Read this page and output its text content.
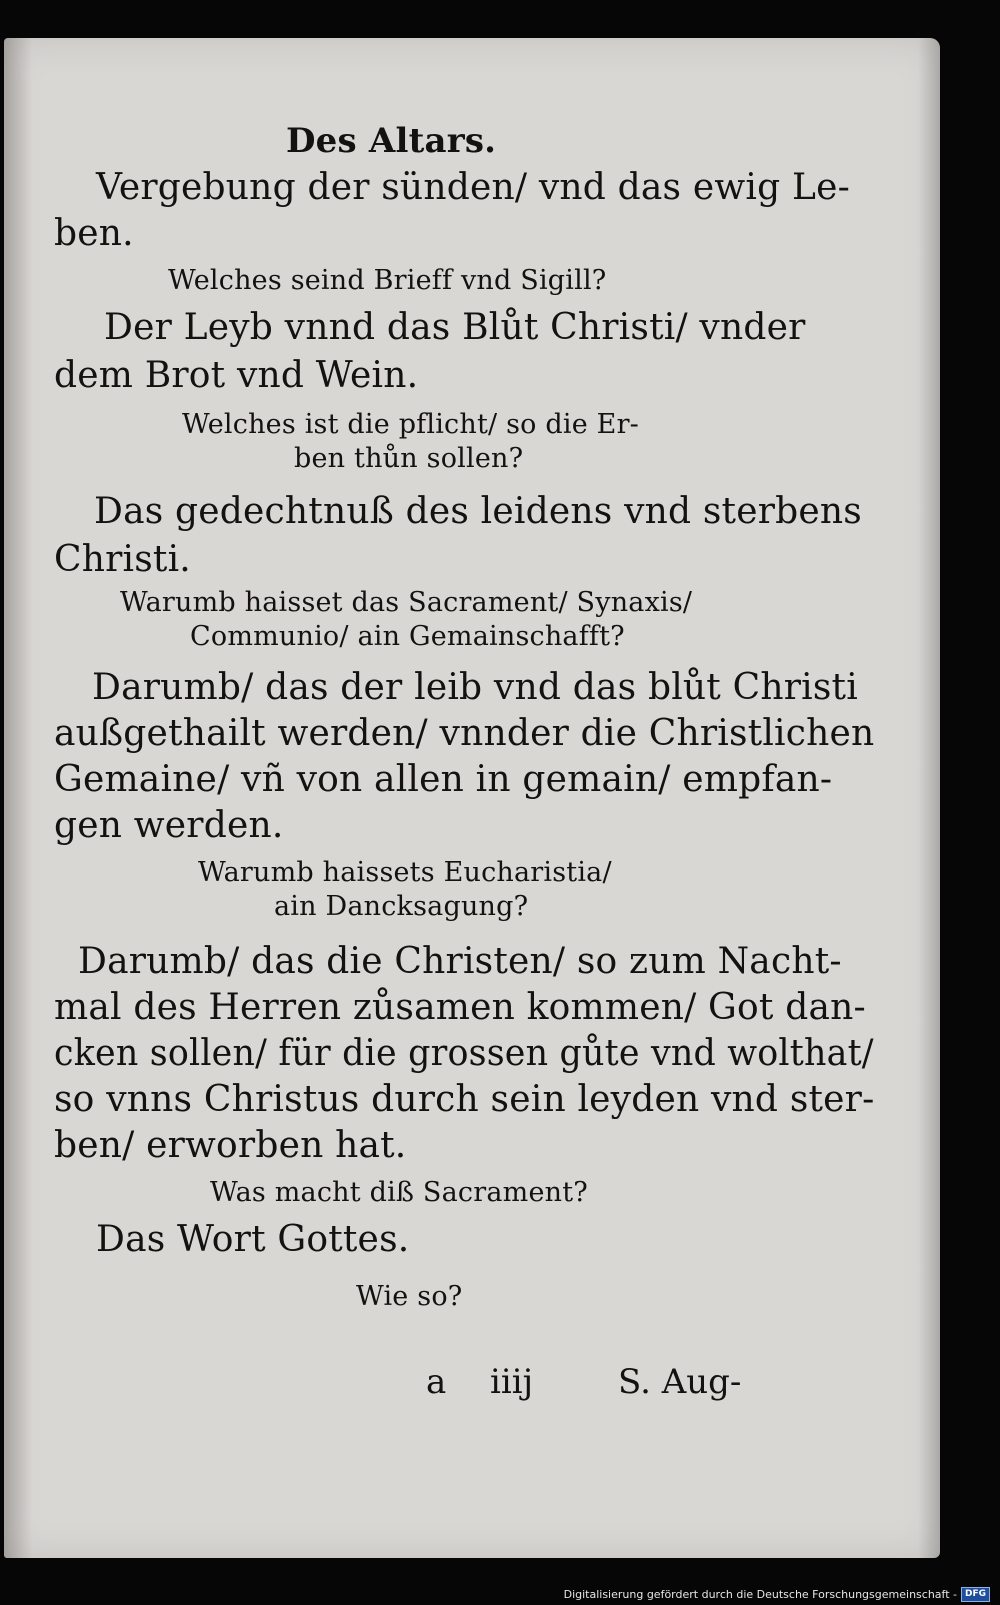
Des Altars.

Vergebung der sünden/ vnd das ewig Le-

ben.

Welches seind Brieff vnd Sigill?

Der Leyb vnnd das Blůt Christi/ vnder

dem Brot vnd Wein.

Welches ist die pflicht/ so die Er-

ben thůn sollen?

Das gedechtnuß des leidens vnd sterbens

Christi.

Warumb haisset das Sacrament/ Synaxis/

Communio/ ain Gemainschafft?

Darumb/ das der leib vnd das blůt Christi

außgethailt werden/ vnnder die Christlichen

Gemaine/ vñ von allen in gemain/ empfan-

gen werden.

Warumb haissets Eucharistia/

ain Dancksagung?

Darumb/ das die Christen/ so zum Nacht-

mal des Herren zůsamen kommen/ Got dan-

cken sollen/ für die grossen gůte vnd wolthat/

so vnns Christus durch sein leyden vnd ster-

ben/ erworben hat.

Was macht diß Sacrament?

Das Wort Gottes.

Wie so?

a iiij S. Aug-
Digitalisierung gefördert durch die Deutsche Forschungsgemeinschaft - DFG
